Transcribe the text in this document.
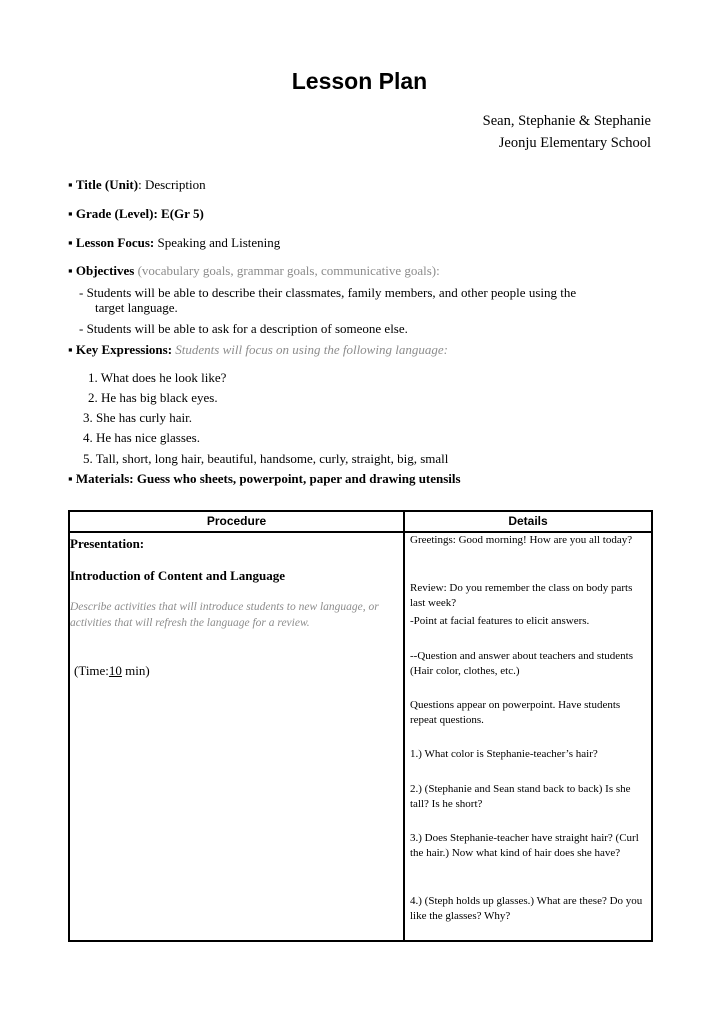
Lesson Plan
Sean, Stephanie & Stephanie
Jeonju Elementary School
▪ Title (Unit): Description
▪ Grade (Level): E(Gr 5)
▪ Lesson Focus: Speaking and Listening
▪ Objectives (vocabulary goals, grammar goals, communicative goals):
- Students will be able to describe their classmates, family members, and other people using the
target language.
- Students will be able to ask for a description of someone else.
▪ Key Expressions: Students will focus on using the following language:
1. What does he look like?
2. He has big black eyes.
3. She has curly hair.
4. He has nice glasses.
5. Tall, short, long hair, beautiful, handsome, curly, straight, big, small
▪ Materials: Guess who sheets, powerpoint, paper and drawing utensils
Procedure	Details
Presentation:
Introduction of Content and Language
Describe activities that will introduce students to new language, or activities that will refresh the language for a review.
(Time:10 min)
Greetings: Good morning! How are you all today?
Review: Do you remember the class on body parts last week?
-Point at facial features to elicit answers.
--Question and answer about teachers and students (Hair color, clothes, etc.)
Questions appear on powerpoint. Have students repeat questions.
1.) What color is Stephanie-teacher’s hair?
2.) (Stephanie and Sean stand back to back) Is she tall? Is he short?
3.) Does Stephanie-teacher have straight hair? (Curl the hair.) Now what kind of hair does she have?
4.) (Steph holds up glasses.) What are these? Do you like the glasses? Why?
